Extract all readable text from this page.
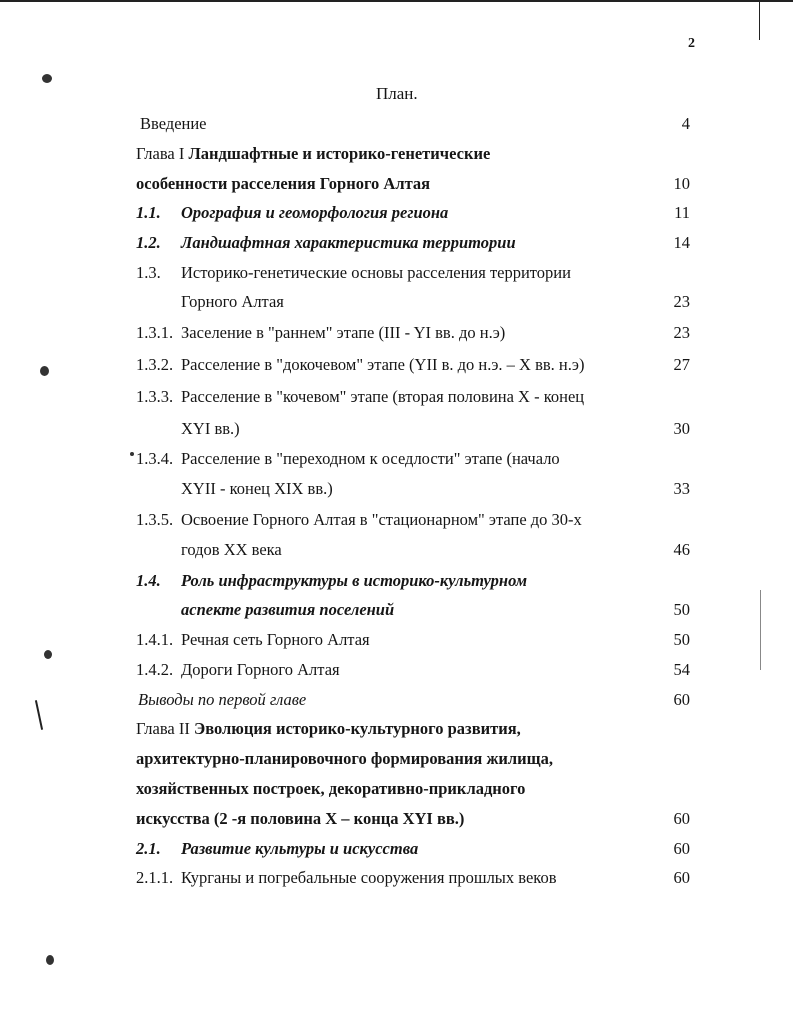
2
План.
Введение	4
Глава I Ландшафтные и историко-генетические
особенности расселения Горного Алтая	10
1.1. Орография и геоморфология региона	11
1.2. Ландшафтная характеристика территории	14
1.3. Историко-генетические основы расселения территории
Горного Алтая	23
1.3.1. Заселение в "раннем" этапе (III - YI вв. до н.э)	23
1.3.2. Расселение в "докочевом" этапе (YII в. до н.э. – X вв. н.э)	27
1.3.3. Расселение в "кочевом" этапе (вторая половина X - конец
XYI вв.)	30
1.3.4. Расселение в "переходном к оседлости" этапе (начало
XYII - конец XIX вв.)	33
1.3.5. Освоение Горного Алтая в "стационарном" этапе до 30-х
годов XX века	46
1.4. Роль инфраструктуры в историко-культурном
аспекте развития поселений	50
1.4.1. Речная сеть Горного Алтая	50
1.4.2. Дороги Горного Алтая	54
Выводы по первой главе	60
Глава II Эволюция историко-культурного развития,
архитектурно-планировочного формирования жилища,
хозяйственных построек, декоративно-прикладного
искусства (2 -я половина X – конца XYI вв.)	60
2.1. Развитие культуры и искусства	60
2.1.1. Курганы и погребальные сооружения прошлых веков	60
